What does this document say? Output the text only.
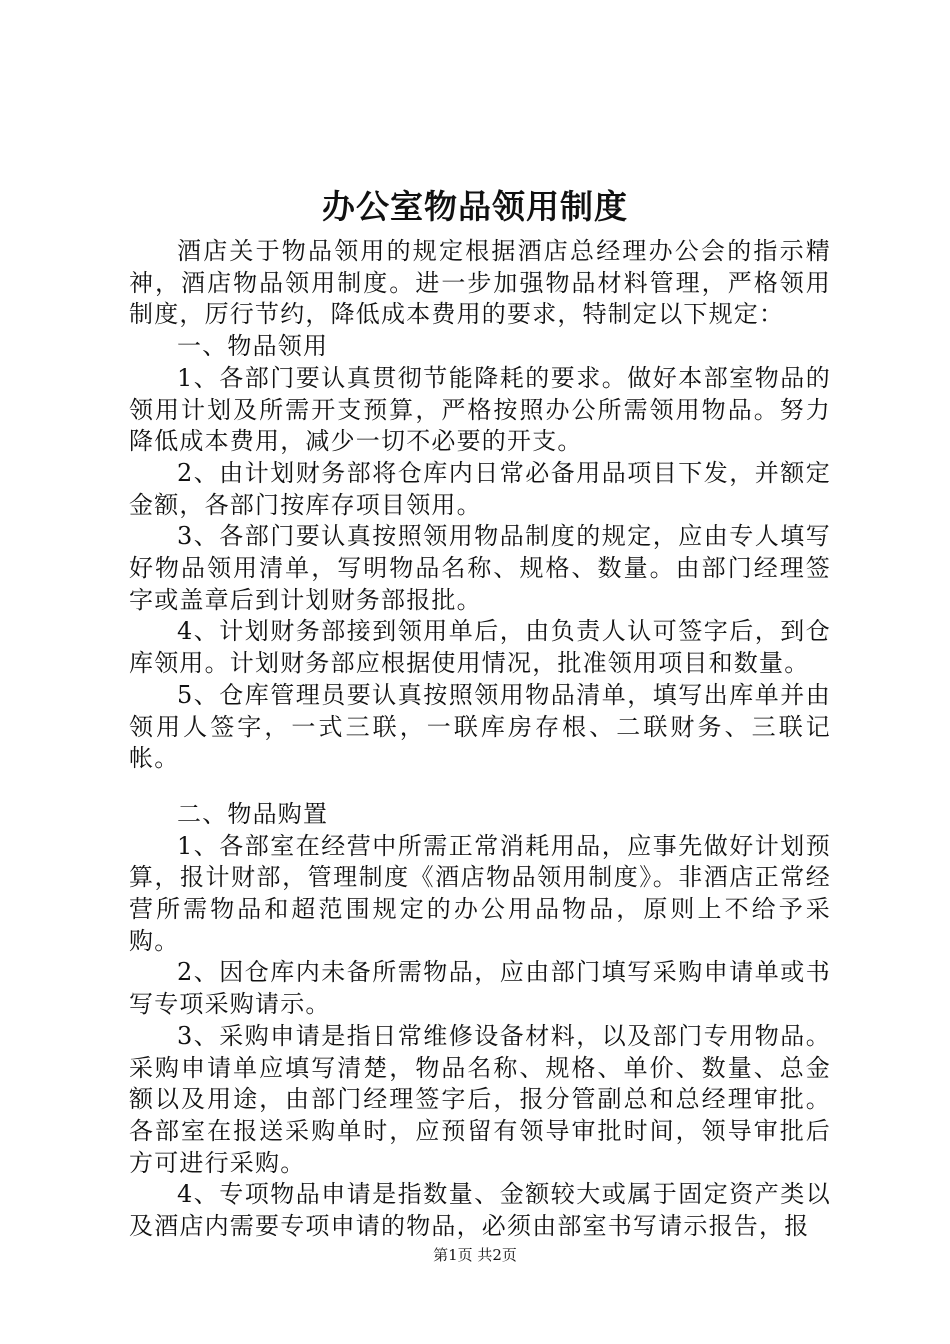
办公室物品领用制度

酒店关于物品领用的规定根据酒店总经理办公会的指示精神，酒店物品领用制度。进一步加强物品材料管理，严格领用制度，厉行节约，降低成本费用的要求，特制定以下规定：

一、物品领用

1、各部门要认真贯彻节能降耗的要求。做好本部室物品的领用计划及所需开支预算，严格按照办公所需领用物品。努力降低成本费用，减少一切不必要的开支。

2、由计划财务部将仓库内日常必备用品项目下发，并额定金额，各部门按库存项目领用。

3、各部门要认真按照领用物品制度的规定，应由专人填写好物品领用清单，写明物品名称、规格、数量。由部门经理签字或盖章后到计划财务部报批。

4、计划财务部接到领用单后，由负责人认可签字后，到仓库领用。计划财务部应根据使用情况，批准领用项目和数量。

5、仓库管理员要认真按照领用物品清单，填写出库单并由领用人签字，一式三联，一联库房存根、二联财务、三联记帐。

二、物品购置

1、各部室在经营中所需正常消耗用品，应事先做好计划预算，报计财部，管理制度《酒店物品领用制度》。非酒店正常经营所需物品和超范围规定的办公用品物品，原则上不给予采购。

2、因仓库内未备所需物品，应由部门填写采购申请单或书写专项采购请示。

3、采购申请是指日常维修设备材料，以及部门专用物品。采购申请单应填写清楚，物品名称、规格、单价、数量、总金额以及用途，由部门经理签字后，报分管副总和总经理审批。各部室在报送采购单时，应预留有领导审批时间，领导审批后方可进行采购。

4、专项物品申请是指数量、金额较大或属于固定资产类以及酒店内需要专项申请的物品，必须由部室书写请示报告，报

第1页 共2页
